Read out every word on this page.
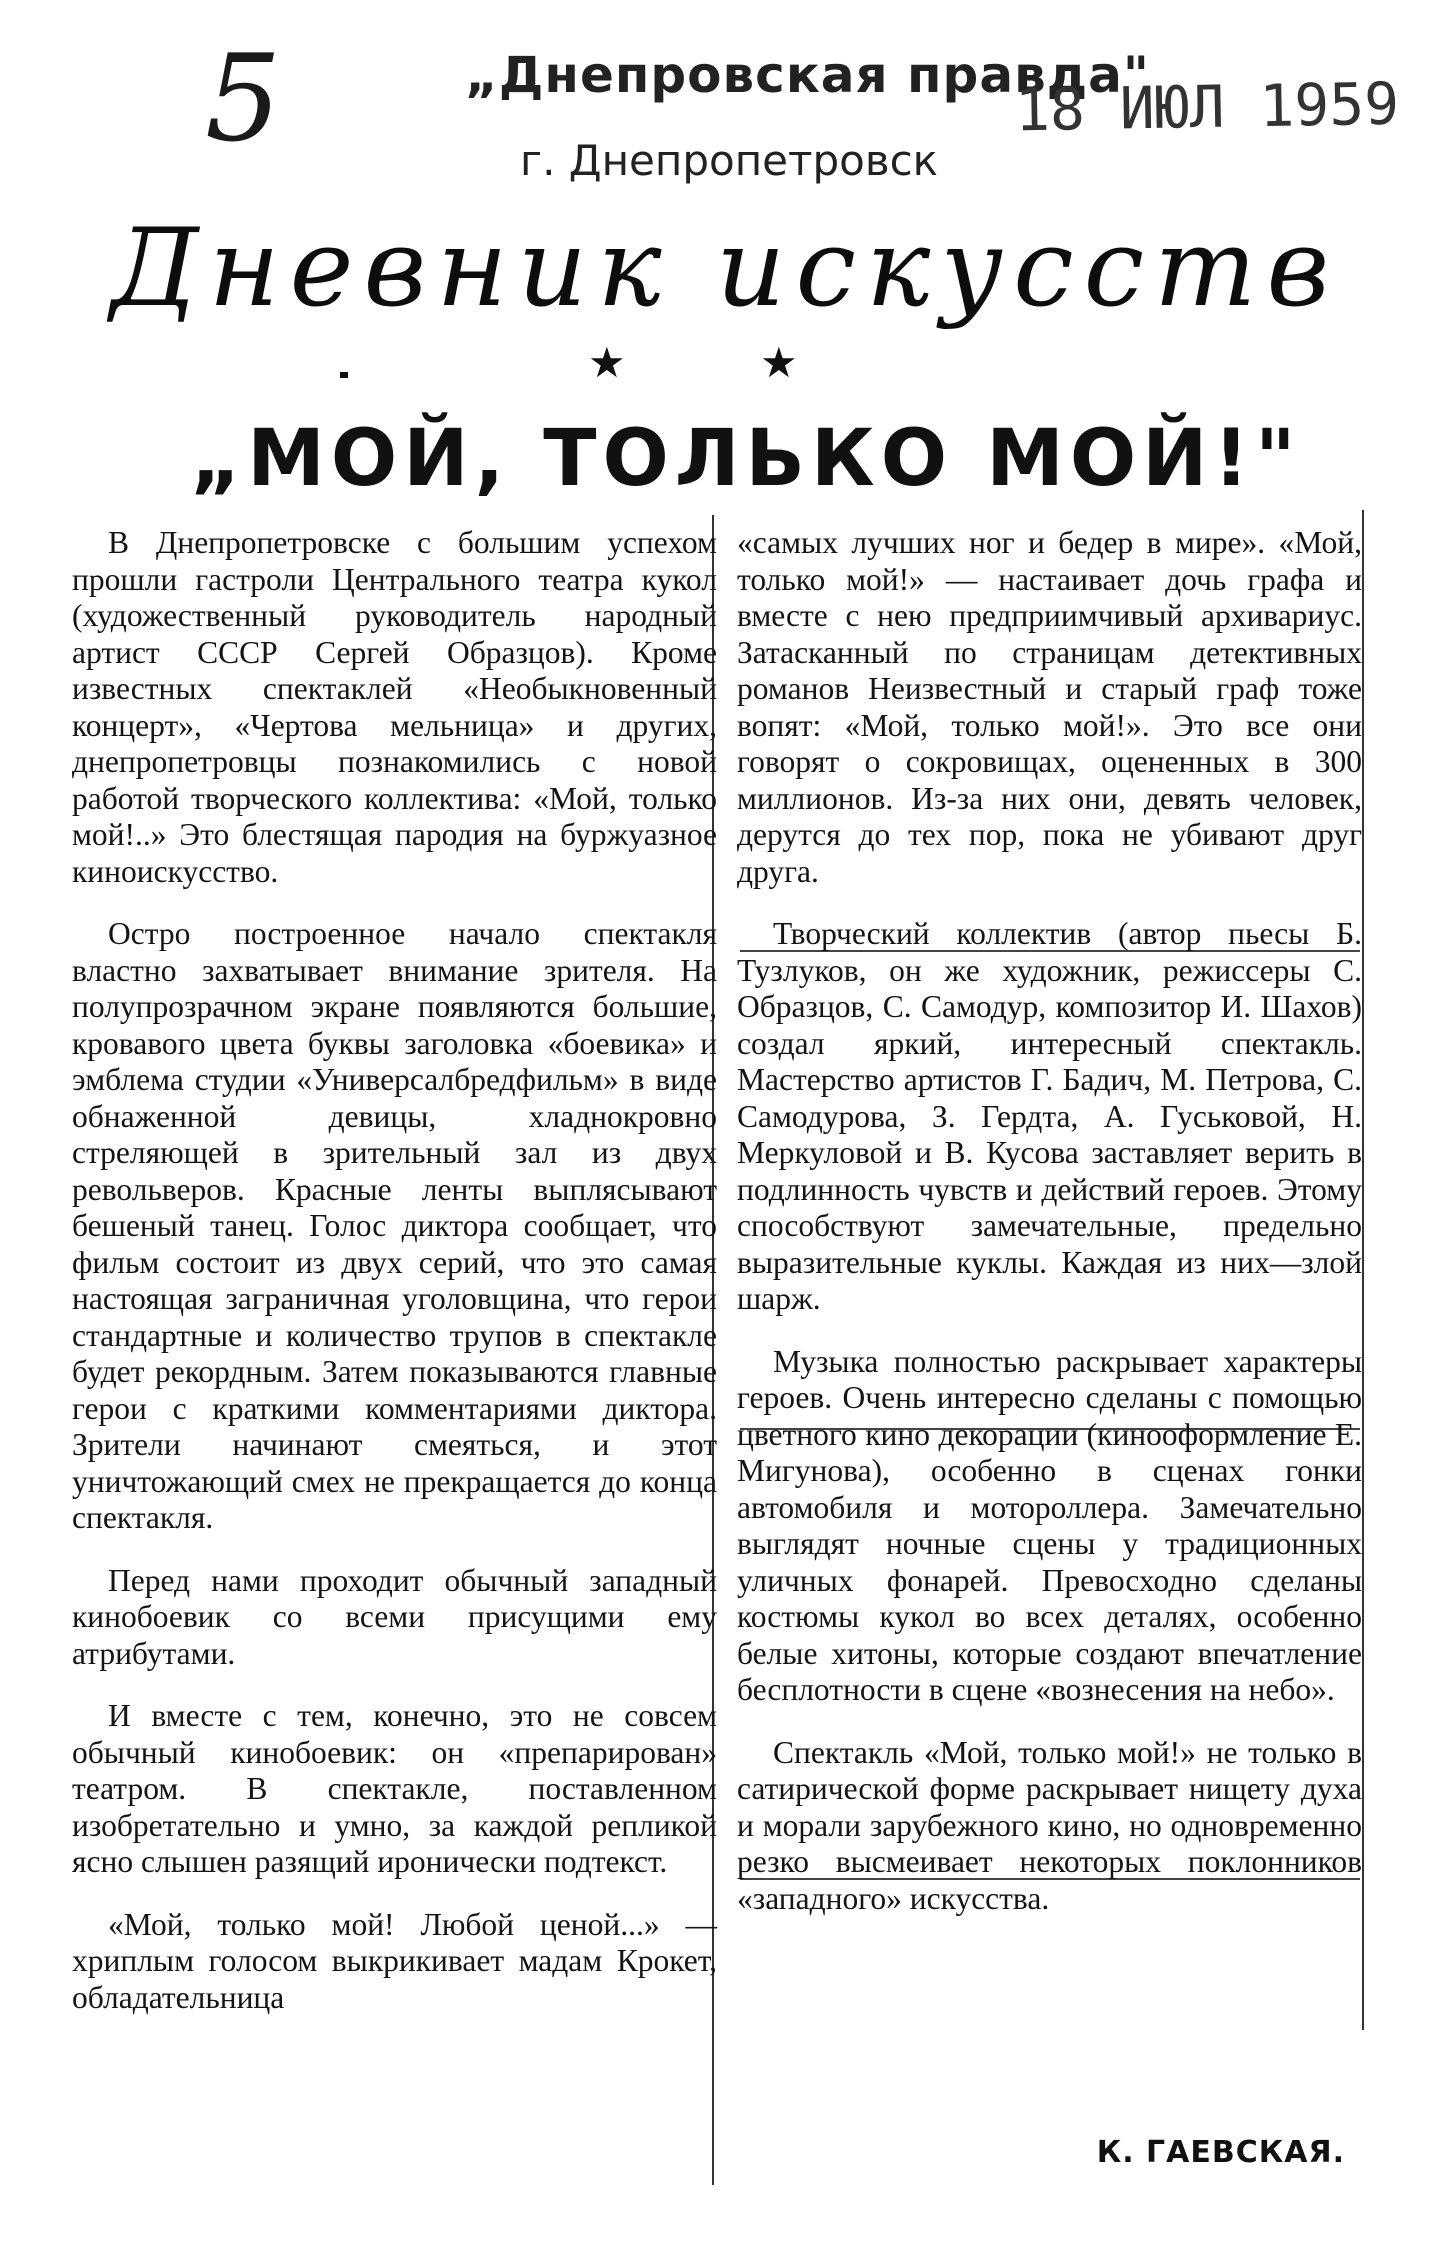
5	„Днепровская правда"
г. Днепропетровск
18 ИЮЛ 1959
Дневник искусств
★	★
„МОЙ, ТОЛЬКО МОЙ!"

В Днепропетровске с большим успехом прошли гастроли Центрального театра кукол (художественный руководитель народный артист СССР Сергей Образцов). Кроме известных спектаклей «Необыкновенный концерт», «Чертова мельница» и других, днепропетровцы познакомились с новой работой творческого коллектива: «Мой, только мой!..» Это блестящая пародия на буржуазное киноискусство.

Остро построенное начало спектакля властно захватывает внимание зрителя. На полупрозрачном экране появляются большие, кровавого цвета буквы заголовка «боевика» и эмблема студии «Универсалбредфильм» в виде обнаженной девицы, хладнокровно стреляющей в зрительный зал из двух револьверов. Красные ленты выплясывают бешеный танец. Голос диктора сообщает, что фильм состоит из двух серий, что это самая настоящая заграничная уголовщина, что герои стандартные и количество трупов в спектакле будет рекордным. Затем показываются главные герои с краткими комментариями диктора. Зрители начинают смеяться, и этот уничтожающий смех не прекращается до конца спектакля.

Перед нами проходит обычный западный кинобоевик со всеми присущими ему атрибутами.

И вместе с тем, конечно, это не совсем обычный кинобоевик: он «препарирован» театром. В спектакле, поставленном изобретательно и умно, за каждой репликой ясно слышен разящий иронически подтекст.

«Мой, только мой! Любой ценой...» — хриплым голосом выкрикивает мадам Крокет, обладательница

«самых лучших ног и бедер в мире». «Мой, только мой!» — настаивает дочь графа и вместе с нею предприимчивый архивариус. Затасканный по страницам детективных романов Неизвестный и старый граф тоже вопят: «Мой, только мой!». Это все они говорят о сокровищах, оцененных в 300 миллионов. Из-за них они, девять человек, дерутся до тех пор, пока не убивают друг друга.

Творческий коллектив (автор пьесы Б. Тузлуков, он же художник, режиссеры С. Образцов, С. Самодур, композитор И. Шахов) создал яркий, интересный спектакль. Мастерство артистов Г. Бадич, М. Петрова, С. Самодурова, З. Гердта, А. Гуськовой, Н. Меркуловой и В. Кусова заставляет верить в подлинность чувств и действий героев. Этому способствуют замечательные, предельно выразительные куклы. Каждая из них—злой шарж.

Музыка полностью раскрывает характеры героев. Очень интересно сделаны с помощью цветного кино декорации (кинооформление Е. Мигунова), особенно в сценах гонки автомобиля и мотороллера. Замечательно выглядят ночные сцены у традиционных уличных фонарей. Превосходно сделаны костюмы кукол во всех деталях, особенно белые хитоны, которые создают впечатление бесплотности в сцене «вознесения на небо».

Спектакль «Мой, только мой!» не только в сатирической форме раскрывает нищету духа и морали зарубежного кино, но одновременно резко высмеивает некоторых поклонников «западного» искусства.

К. ГАЕВСКАЯ.
